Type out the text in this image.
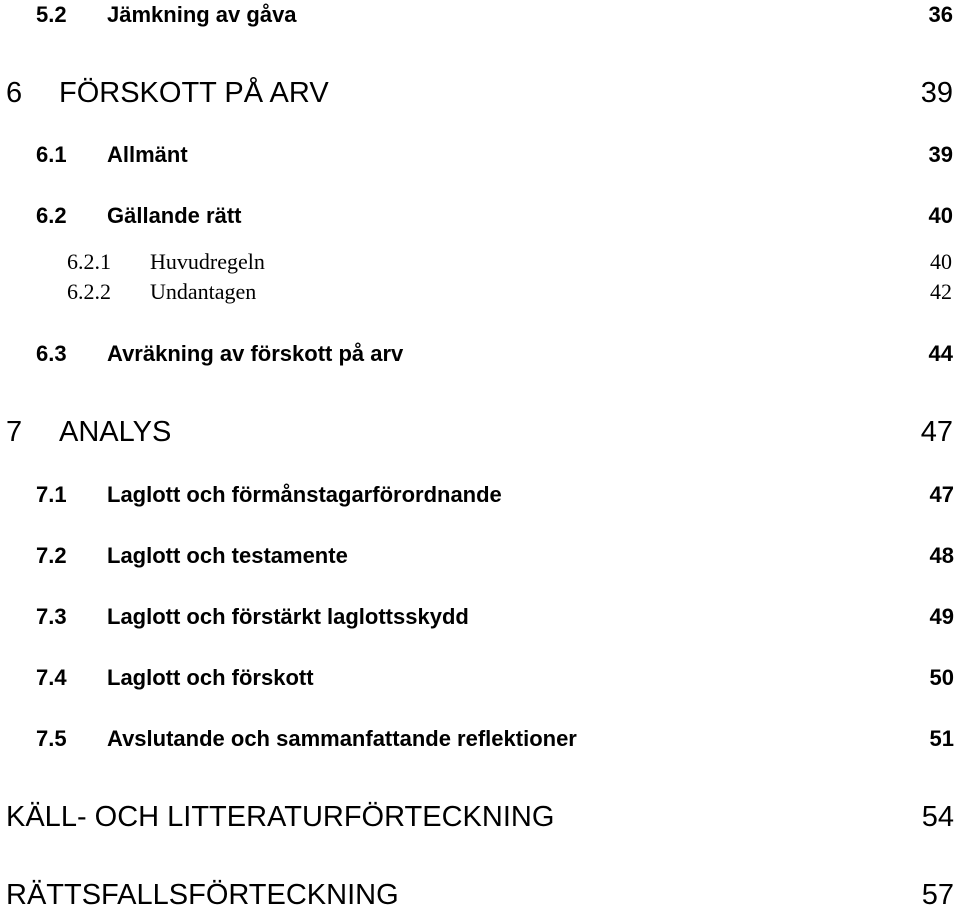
5.2 Jämkning av gåva	36
6 FÖRSKOTT PÅ ARV	39
6.1 Allmänt	39
6.2 Gällande rätt	40
6.2.1 Huvudregeln	40
6.2.2 Undantagen	42
6.3 Avräkning av förskott på arv	44
7 ANALYS	47
7.1 Laglott och förmånstagarförordnande	47
7.2 Laglott och testamente	48
7.3 Laglott och förstärkt laglottsskydd	49
7.4 Laglott och förskott	50
7.5 Avslutande och sammanfattande reflektioner	51
KÄLL- OCH LITTERATURFÖRTECKNING	54
RÄTTSFALLSFÖRTECKNING	57
